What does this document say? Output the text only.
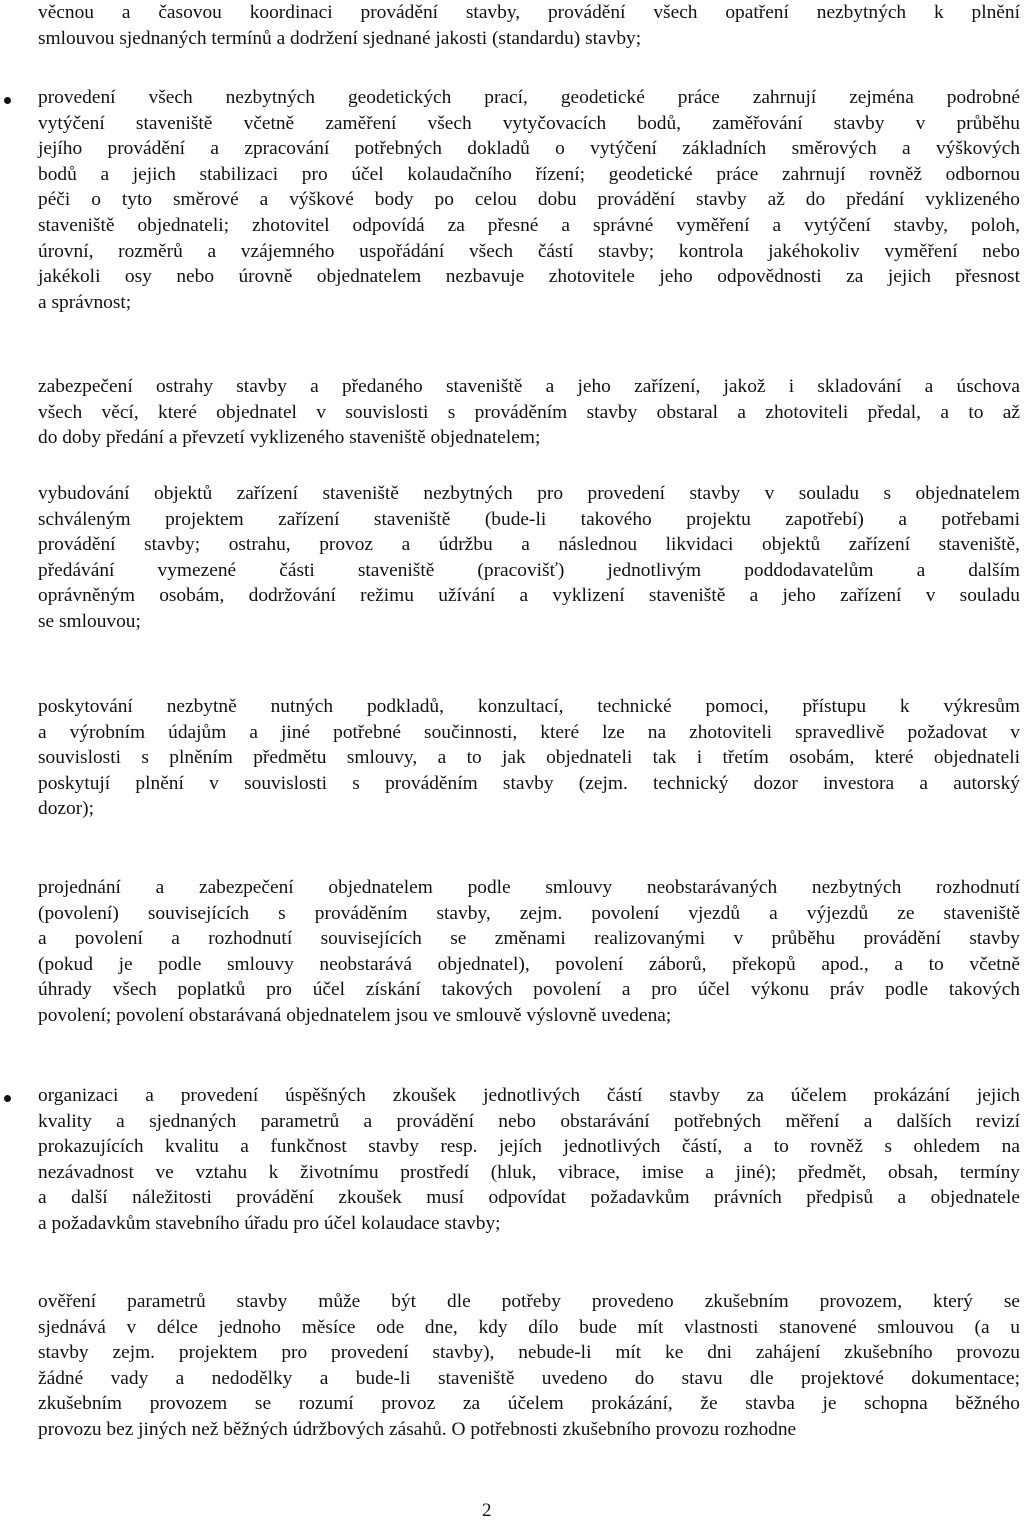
věcnou a časovou koordinaci provádění stavby, provádění všech opatření nezbytných k plnění
smlouvou sjednaných termínů a dodržení sjednané jakosti (standardu) stavby;
provedení všech nezbytných geodetických prací, geodetické práce zahrnují zejména podrobné
vytýčení staveniště včetně zaměření všech vytyčovacích bodů, zaměřování stavby v průběhu
jejího provádění a zpracování potřebných dokladů o vytýčení základních směrových a výškových
bodů a jejich stabilizaci pro účel kolaudačního řízení; geodetické práce zahrnují rovněž odbornou
péči o tyto směrové a výškové body po celou dobu provádění stavby až do předání vyklizeného
staveniště objednateli; zhotovitel odpovídá za přesné a správné vyměření a vytýčení stavby, poloh,
úrovní, rozměrů a vzájemného uspořádání všech částí stavby; kontrola jakéhokoliv vyměření nebo
jakékoli osy nebo úrovně objednatelem nezbavuje zhotovitele jeho odpovědnosti za jejich přesnost
a správnost;
zabezpečení ostrahy stavby a předaného staveniště a jeho zařízení, jakož i skladování a úschova
všech věcí, které objednatel v souvislosti s prováděním stavby obstaral a zhotoviteli předal, a to až
do doby předání a převzetí vyklizeného staveniště objednatelem;
vybudování objektů zařízení staveniště nezbytných pro provedení stavby v souladu s objednatelem
schváleným projektem zařízení staveniště (bude-li takového projektu zapotřebí) a potřebami
provádění stavby; ostrahu, provoz a údržbu a následnou likvidaci objektů zařízení staveniště,
předávání vymezené části staveniště (pracovišť) jednotlivým poddodavatelům a dalším
oprávněným osobám, dodržování režimu užívání a vyklizení staveniště a jeho zařízení v souladu
se smlouvou;
poskytování nezbytně nutných podkladů, konzultací, technické pomoci, přístupu k výkresům
a výrobním údajům a jiné potřebné součinnosti, které lze na zhotoviteli spravedlivě požadovat v
souvislosti s plněním předmětu smlouvy, a to jak objednateli tak i třetím osobám, které objednateli
poskytují plnění v souvislosti s prováděním stavby (zejm. technický dozor investora a autorský
dozor);
projednání a zabezpečení objednatelem podle smlouvy neobstarávaných nezbytných rozhodnutí
(povolení) souvisejících s prováděním stavby, zejm. povolení vjezdů a výjezdů ze staveniště
a povolení a rozhodnutí souvisejících se změnami realizovanými v průběhu provádění stavby
(pokud je podle smlouvy neobstarává objednatel), povolení záborů, překopů apod., a to včetně
úhrady všech poplatků pro účel získání takových povolení a pro účel výkonu práv podle takových
povolení; povolení obstarávaná objednatelem jsou ve smlouvě výslovně uvedena;
organizaci a provedení úspěšných zkoušek jednotlivých částí stavby za účelem prokázání jejich
kvality a sjednaných parametrů a provádění nebo obstarávání potřebných měření a dalších revizí
prokazujících kvalitu a funkčnost stavby resp. jejích jednotlivých částí, a to rovněž s ohledem na
nezávadnost ve vztahu k životnímu prostředí (hluk, vibrace, imise a jiné); předmět, obsah, termíny
a další náležitosti provádění zkoušek musí odpovídat požadavkům právních předpisů a objednatele
a požadavkům stavebního úřadu pro účel kolaudace stavby;
ověření parametrů stavby může být dle potřeby provedeno zkušebním provozem, který se
sjednává v délce jednoho měsíce ode dne, kdy dílo bude mít vlastnosti stanovené smlouvou (a u
stavby zejm. projektem pro provedení stavby), nebude-li mít ke dni zahájení zkušebního provozu
žádné vady a nedodělky a bude-li staveniště uvedeno do stavu dle projektové dokumentace;
zkušebním provozem se rozumí provoz za účelem prokázání, že stavba je schopna běžného
provozu bez jiných než běžných údržbových zásahů. O potřebnosti zkušebního provozu rozhodne
2
